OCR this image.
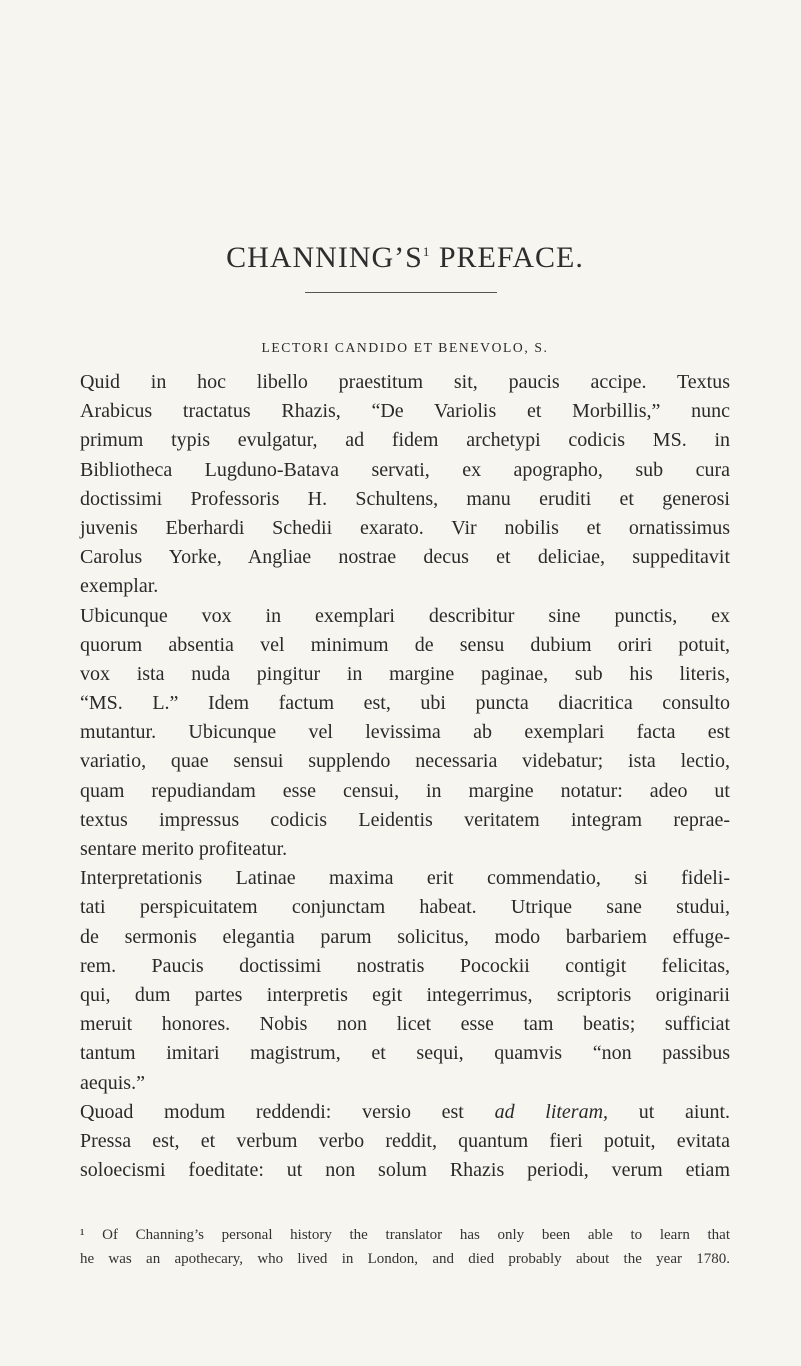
$CHANNING’S^1$ PREFACE.
LECTORI CANDIDO ET BENEVOLO, S.
Quid in hoc libello praestitum sit, paucis accipe. Textus
Arabicus tractatus Rhazis, “De Variolis et Morbillis,” nunc
primum typis evulgatur, ad fidem archetypi codicis MS. in
Bibliotheca Lugduno-Batava servati, ex apographo, sub cura
doctissimi Professoris H. Schultens, manu eruditi et generosi
juvenis Eberhardi Schedii exarato. Vir nobilis et ornatissimus
Carolus Yorke, Angliae nostrae decus et deliciae, suppeditavit
exemplar.
Ubicunque vox in exemplari describitur sine punctis, ex
quorum absentia vel minimum de sensu dubium oriri potuit,
vox ista nuda pingitur in margine paginae, sub his literis,
“MS. L.” Idem factum est, ubi puncta diacritica consulto
mutantur. Ubicunque vel levissima ab exemplari facta est
variatio, quae sensui supplendo necessaria videbatur; ista lectio,
quam repudiandam esse censui, in margine notatur: adeo ut
textus impressus codicis Leidentis veritatem integram reprae-
sentare merito profiteatur.
Interpretationis Latinae maxima erit commendatio, si fideli-
tati perspicuitatem conjunctam habeat. Utrique sane studui,
de sermonis elegantia parum solicitus, modo barbariem effuge-
rem. Paucis doctissimi nostratis Pocockii contigit felicitas,
qui, dum partes interpretis egit integerrimus, scriptoris originarii
meruit honores. Nobis non licet esse tam beatis; sufficiat
tantum imitari magistrum, et sequi, quamvis “non passibus
aequis.”
Quoad modum reddendi: versio est ad literam, ut aiunt.
Pressa est, et verbum verbo reddit, quantum fieri potuit, evitata
soloecismi foeditate: ut non solum Rhazis periodi, verum etiam
¹ Of Channing’s personal history the translator has only been able to learn that
he was an apothecary, who lived in London, and died probably about the year 1780.
